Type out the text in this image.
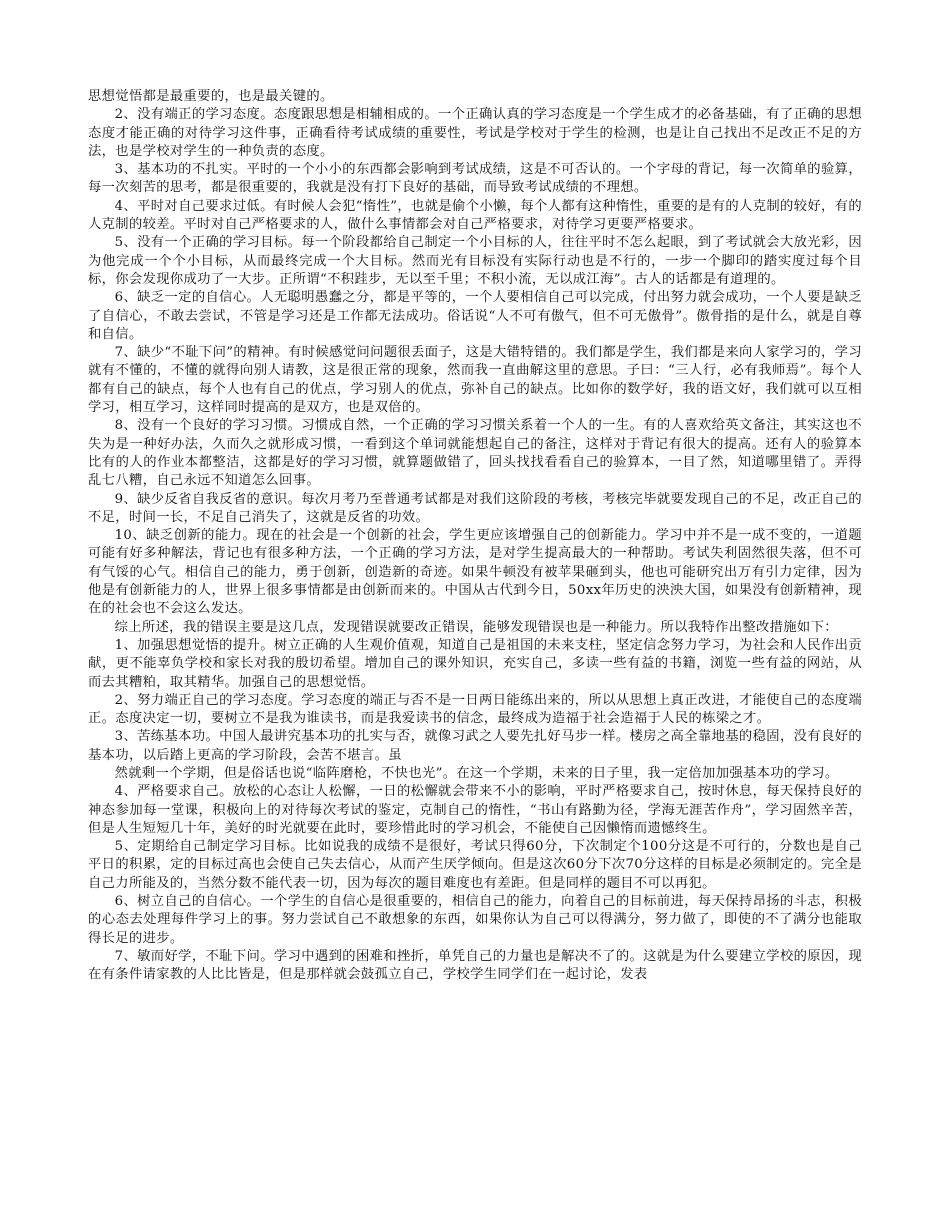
思想觉悟都是最重要的，也是最关键的。

2、没有端正的学习态度。态度跟思想是相辅相成的。一个正确认真的学习态度是一个学生成才的必备基础，有了正确的思想态度才能正确的对待学习这件事，正确看待考试成绩的重要性，考试是学校对于学生的检测，也是让自己找出不足改正不足的方法，也是学校对学生的一种负责的态度。

3、基本功的不扎实。平时的一个小小的东西都会影响到考试成绩，这是不可否认的。一个字母的背记，每一次简单的验算，每一次刻苦的思考，都是很重要的，我就是没有打下良好的基础，而导致考试成绩的不理想。

4、平时对自己要求过低。有时候人会犯“惰性”，也就是偷个小懒，每个人都有这种惰性，重要的是有的人克制的较好，有的人克制的较差。平时对自己严格要求的人，做什么事情都会对自己严格要求，对待学习更要严格要求。

5、没有一个正确的学习目标。每一个阶段都给自己制定一个小目标的人，往往平时不怎么起眼，到了考试就会大放光彩，因为他完成一个个小目标，从而最终完成一个大目标。然而光有目标没有实际行动也是不行的，一步一个脚印的踏实度过每个目标，你会发现你成功了一大步。正所谓“不积跬步，无以至千里；不积小流，无以成江海”。古人的话都是有道理的。

6、缺乏一定的自信心。人无聪明愚蠢之分，都是平等的，一个人要相信自己可以完成，付出努力就会成功，一个人要是缺乏了自信心，不敢去尝试，不管是学习还是工作都无法成功。俗话说“人不可有傲气，但不可无傲骨”。傲骨指的是什么，就是自尊和自信。

7、缺少“不耻下问”的精神。有时候感觉问问题很丢面子，这是大错特错的。我们都是学生，我们都是来向人家学习的，学习就有不懂的，不懂的就得向别人请教，这是很正常的现象，然而我一直曲解这里的意思。子曰：“三人行，必有我师焉”。每个人都有自己的缺点，每个人也有自己的优点，学习别人的优点，弥补自己的缺点。比如你的数学好，我的语文好，我们就可以互相学习，相互学习，这样同时提高的是双方，也是双倍的。

8、没有一个良好的学习习惯。习惯成自然，一个正确的学习习惯关系着一个人的一生。有的人喜欢给英文备注，其实这也不失为是一种好办法，久而久之就形成习惯，一看到这个单词就能想起自己的备注，这样对于背记有很大的提高。还有人的验算本比有的人的作业本都整洁，这都是好的学习习惯，就算题做错了，回头找找看看自己的验算本，一目了然，知道哪里错了。弄得乱七八糟，自己永远不知道怎么回事。

9、缺少反省自我反省的意识。每次月考乃至普通考试都是对我们这阶段的考核，考核完毕就要发现自己的不足，改正自己的不足，时间一长，不足自己消失了，这就是反省的功效。

10、缺乏创新的能力。现在的社会是一个创新的社会，学生更应该增强自己的创新能力。学习中并不是一成不变的，一道题可能有好多种解法，背记也有很多种方法，一个正确的学习方法，是对学生提高最大的一种帮助。考试失利固然很失落，但不可有气馁的心气。相信自己的能力，勇于创新，创造新的奇迹。如果牛顿没有被苹果砸到头，他也可能研究出万有引力定律，因为他是有创新能力的人，世界上很多事情都是由创新而来的。中国从古代到今日，50xx年历史的泱泱大国，如果没有创新精神，现在的社会也不会这么发达。

综上所述，我的错误主要是这几点，发现错误就要改正错误，能够发现错误也是一种能力。所以我特作出整改措施如下：

1、加强思想觉悟的提升。树立正确的人生观价值观，知道自己是祖国的未来支柱，坚定信念努力学习，为社会和人民作出贡献，更不能辜负学校和家长对我的殷切希望。增加自己的课外知识，充实自己，多读一些有益的书籍，浏览一些有益的网站，从而去其糟粕，取其精华。加强自己的思想觉悟。

2、努力端正自己的学习态度。学习态度的端正与否不是一日两日能练出来的，所以从思想上真正改进，才能使自己的态度端正。态度决定一切，要树立不是我为谁读书，而是我爱读书的信念，最终成为造福于社会造福于人民的栋梁之才。

3、苦练基本功。中国人最讲究基本功的扎实与否，就像习武之人要先扎好马步一样。楼房之高全靠地基的稳固，没有良好的基本功，以后踏上更高的学习阶段，会苦不堪言。虽

然就剩一个学期，但是俗话也说“临阵磨枪，不快也光”。在这一个学期，未来的日子里，我一定倍加加强基本功的学习。

4、严格要求自己。放松的心态让人松懈，一日的松懈就会带来不小的影响，平时严格要求自己，按时休息，每天保持良好的神态参加每一堂课，积极向上的对待每次考试的鉴定，克制自己的惰性，“书山有路勤为径，学海无涯苦作舟”，学习固然辛苦，但是人生短短几十年，美好的时光就要在此时，要珍惜此时的学习机会，不能使自己因懒惰而遗憾终生。

5、定期给自己制定学习目标。比如说我的成绩不是很好，考试只得60分，下次制定个100分这是不可行的，分数也是自己平日的积累，定的目标过高也会使自己失去信心，从而产生厌学倾向。但是这次60分下次70分这样的目标是必须制定的。完全是自己力所能及的，当然分数不能代表一切，因为每次的题目难度也有差距。但是同样的题目不可以再犯。

6、树立自己的自信心。一个学生的自信心是很重要的，相信自己的能力，向着自己的目标前进，每天保持昂扬的斗志，积极的心态去处理每件学习上的事。努力尝试自己不敢想象的东西，如果你认为自己可以得满分，努力做了，即使的不了满分也能取得长足的进步。

7、敏而好学，不耻下问。学习中遇到的困难和挫折，单凭自己的力量也是解决不了的。这就是为什么要建立学校的原因，现在有条件请家教的人比比皆是，但是那样就会鼓孤立自己，学校学生同学们在一起讨论，发表
